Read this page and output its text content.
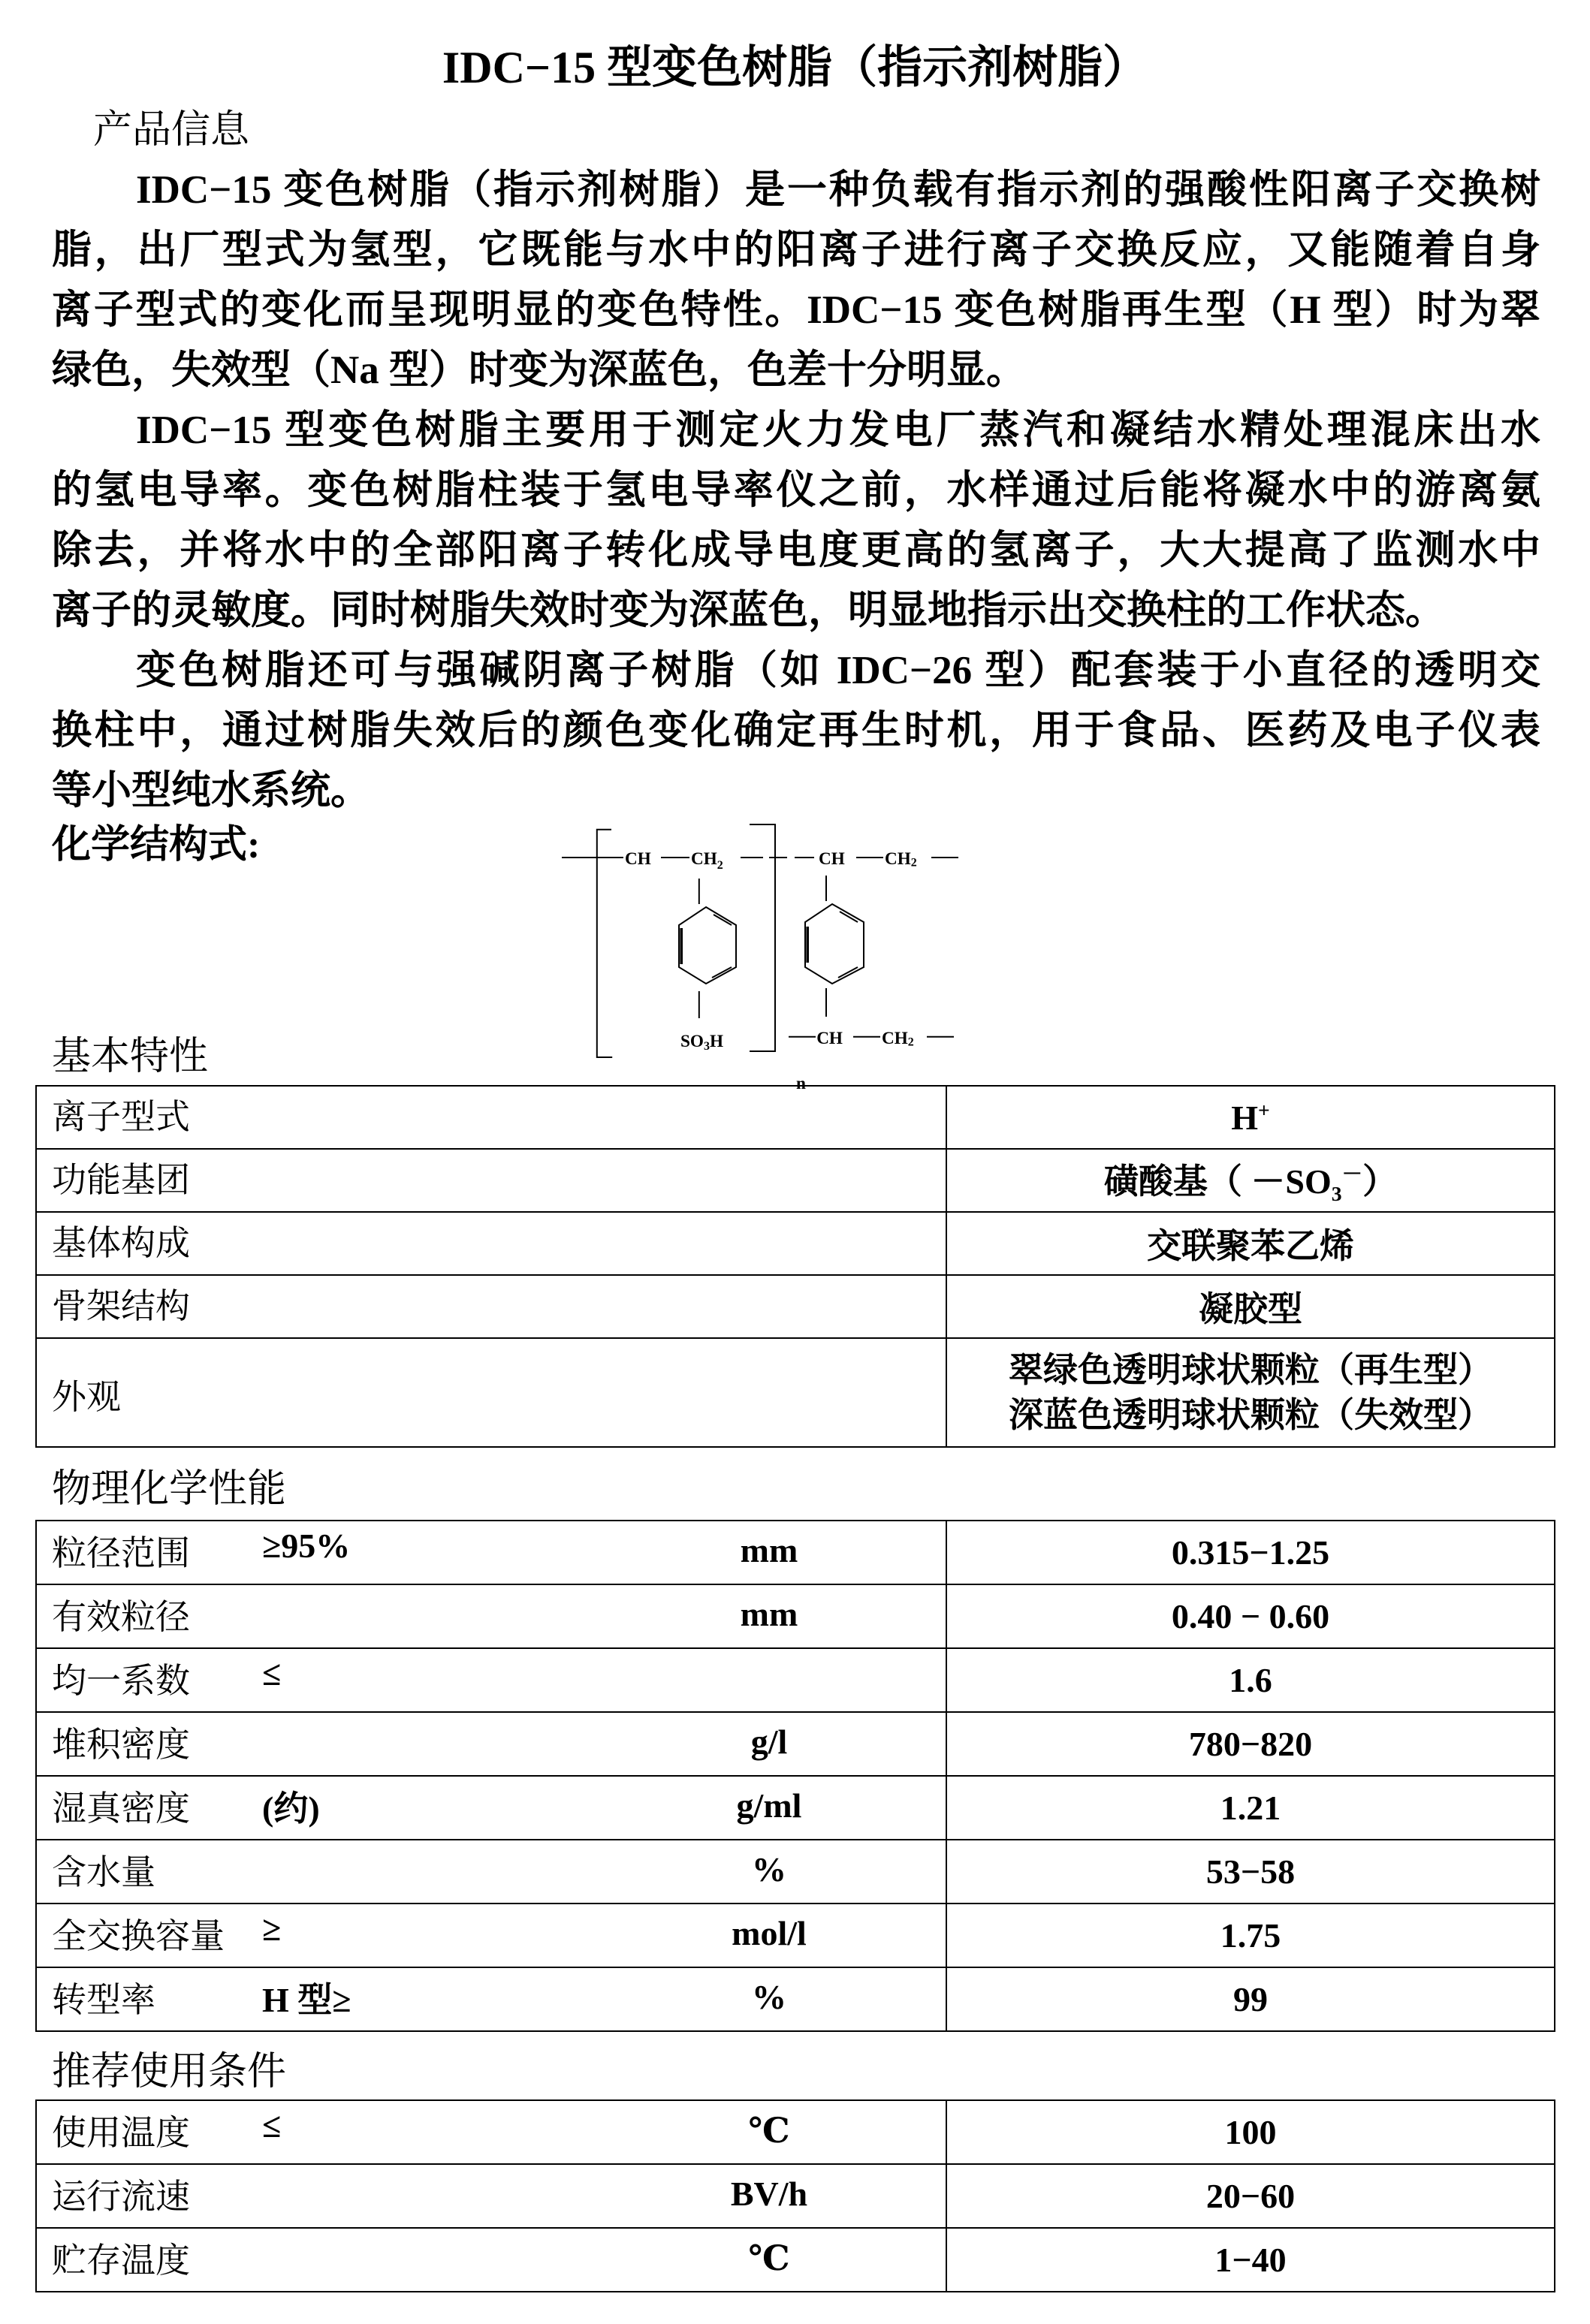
IDC−15 型变色树脂（指示剂树脂）
产品信息
IDC−15 变色树脂（指示剂树脂）是一种负载有指示剂的强酸性阳离子交换树
脂，出厂型式为氢型，它既能与水中的阳离子进行离子交换反应，又能随着自身
离子型式的变化而呈现明显的变色特性。IDC−15 变色树脂再生型（H 型）时为翠
绿色，失效型（Na 型）时变为深蓝色，色差十分明显。
IDC−15 型变色树脂主要用于测定火力发电厂蒸汽和凝结水精处理混床出水
的氢电导率。变色树脂柱装于氢电导率仪之前，水样通过后能将凝水中的游离氨
除去，并将水中的全部阳离子转化成导电度更高的氢离子，大大提高了监测水中
离子的灵敏度。同时树脂失效时变为深蓝色，明显地指示出交换柱的工作状态。
变色树脂还可与强碱阴离子树脂（如 IDC−26 型）配套装于小直径的透明交
换柱中，通过树脂失效后的颜色变化确定再生时机，用于食品、医药及电子仪表
等小型纯水系统。
化学结构式:	CH $CH_2$ CH CH2
SO3H CH CH2
n
基本特性
离子型式	H+
功能基团	磺酸基（ $-SO_3^-$）
基体构成	交联聚苯乙烯
骨架结构	凝胶型
外观	翠绿色透明球状颗粒（再生型）
深蓝色透明球状颗粒（失效型）
物理化学性能
粒径范围 ≥95% mm	0.315−1.25
有效粒径 mm	0.40 − 0.60
均一系数 ≤	1.6
堆积密度 g/l	780−820
湿真密度 (约) g/ml	1.21
含水量 %	53−58
全交换容量 ≥ mol/l	1.75
转型率 H 型≥ %	99
推荐使用条件
使用温度 ≤ ℃	100
运行流速 BV/h	20−60
贮存温度 ℃	1−40
